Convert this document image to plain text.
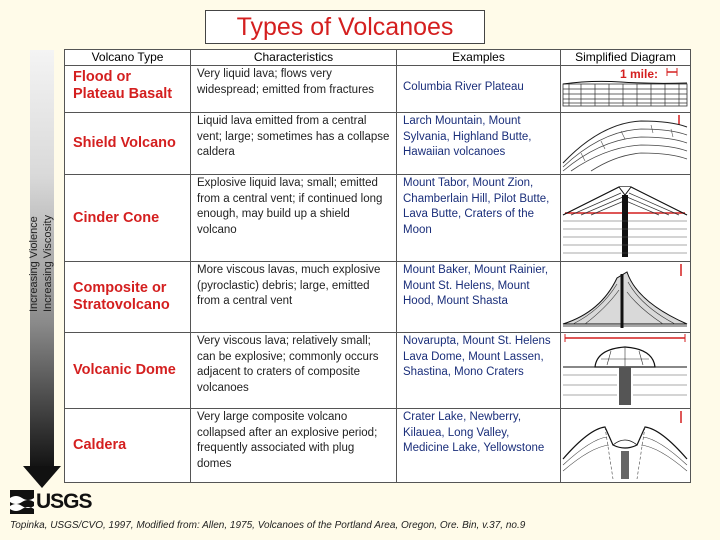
Types of Volcanoes
Increasing Violence Increasing Viscosity
Volcano Type	Characteristics	Examples	Simplified Diagram
Flood or Plateau Basalt	Very liquid lava; flows very widespread; emitted from fractures	Columbia River Plateau	1 mile:

Shield Volcano	Liquid lava emitted from a central vent; large; sometimes has a collapse caldera	Larch Mountain, Mount Sylvania, Highland Butte, Hawaiian volcanoes	

Cinder Cone	Explosive liquid lava; small; emitted from a central vent; if continued long enough, may build up a shield volcano	Mount Tabor, Mount Zion, Chamberlain Hill, Pilot Butte, Lava Butte, Craters of the Moon	

Composite or Stratovolcano	More viscous lavas, much explosive (pyroclastic) debris; large, emitted from a central vent	Mount Baker, Mount Rainier, Mount St. Helens, Mount Hood, Mount Shasta	

Volcanic Dome	Very viscous lava; relatively small; can be explosive; commonly occurs adjacent to craters of composite volcanoes	Novarupta, Mount St. Helens Lava Dome, Mount Lassen, Shastina, Mono Craters	

Caldera	Very large composite volcano collapsed after an explosive period; frequently associated with plug domes	Crater Lake, Newberry, Kilauea, Long Valley, Medicine Lake, Yellowstone	
USGS
Topinka, USGS/CVO, 1997, Modified from: Allen, 1975, Volcanoes of the Portland Area, Oregon, Ore. Bin, v.37, no.9
